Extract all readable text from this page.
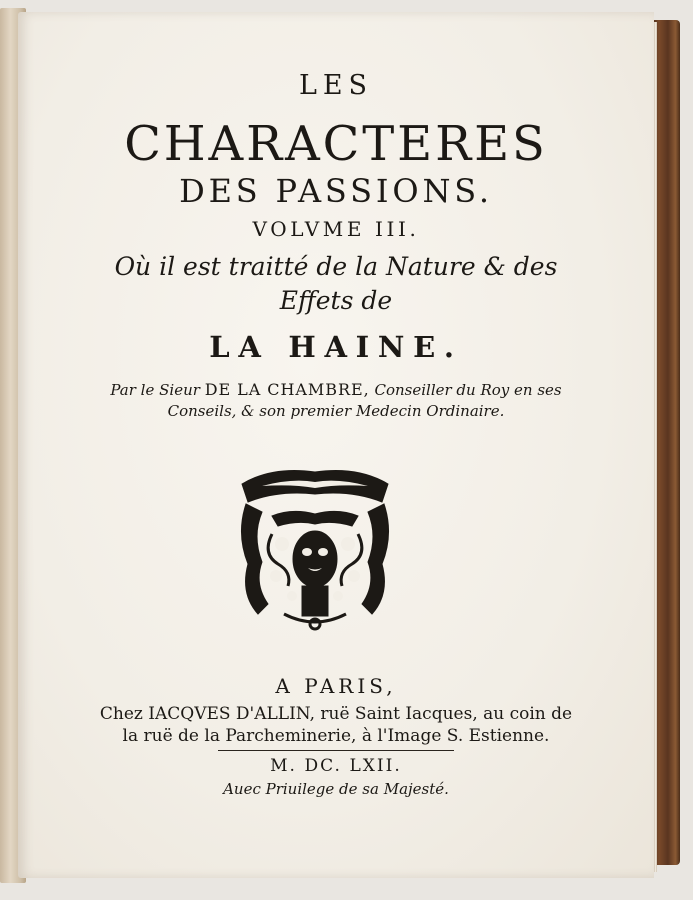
LES
CHARACTERES
DES PASSIONS.
VOLVME III.
Où il est traitté de la Nature & des
Effets de
LA HAINE.
Par le Sieur DE LA CHAMBRE, Conseiller du Roy en ses
Conseils, & son premier Medecin Ordinaire.
A PARIS,
Chez IACQVES D'ALLIN, ruë Saint Iacques, au coin de
la ruë de la Parcheminerie, à l'Image S. Estienne.
M. DC. LXII.
Auec Priuilege de sa Majesté.
